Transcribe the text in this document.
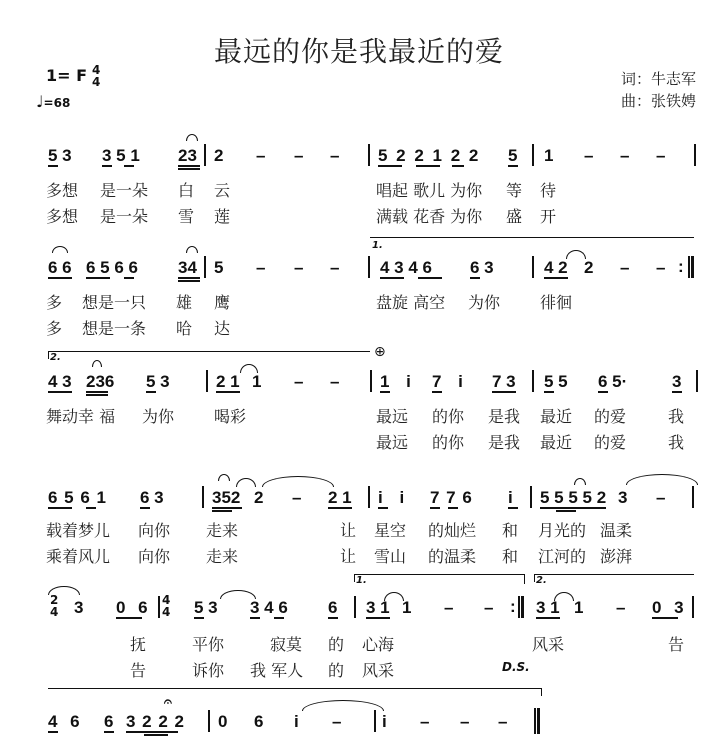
最远的你是我最近的爱
1= F 4
4
♩=68
词：牛志军
曲：张铁娉
5 3 3 5 1 23 2 – – – 5 2 2 1 2 2 5 1 – – –
多想 是一朵 白 云	唱起 歌儿 为你 等 待
多想 是一朵 雪 莲	满载 花香 为你 盛 开
1.
6 6 6 5 6 6 34 5 – – – 4 3 4 6 6 3	4 2 2 – – :
多 想是一只 雄 鹰	盘旋 高空 为你 徘徊
多 想是一条 哈 达
2.	⊕
4 3 236 5 3	2 1 1 – – 1 i 7 i 7 3 5 5 6 5·	3
舞动幸 福 为你 喝彩	最远 的你 是我 最近 的爱	我
最远 的你 是我 最近 的爱	我
6 5 6 1 6 3	352 2 – 2 1 i i 7 7 6 i 5 5 5 5 2 3 –
载着梦儿 向你 走来	让 星空 的灿烂 和 月光的 温柔
乘着风儿 向你 走来	让 雪山 的温柔 和 江河的 澎湃
1.	2.
2
4 3 0 6 4
4 5 3 3 4 6 6 3 1 1 – – : 3 1 1 – 0 3
抚	平你	寂莫 的 心海	风采	告
告	诉你 我 军人 的 风采	D.S.
𝄐
4 6 6 3 2 2 2 0 6 i – i – – –
